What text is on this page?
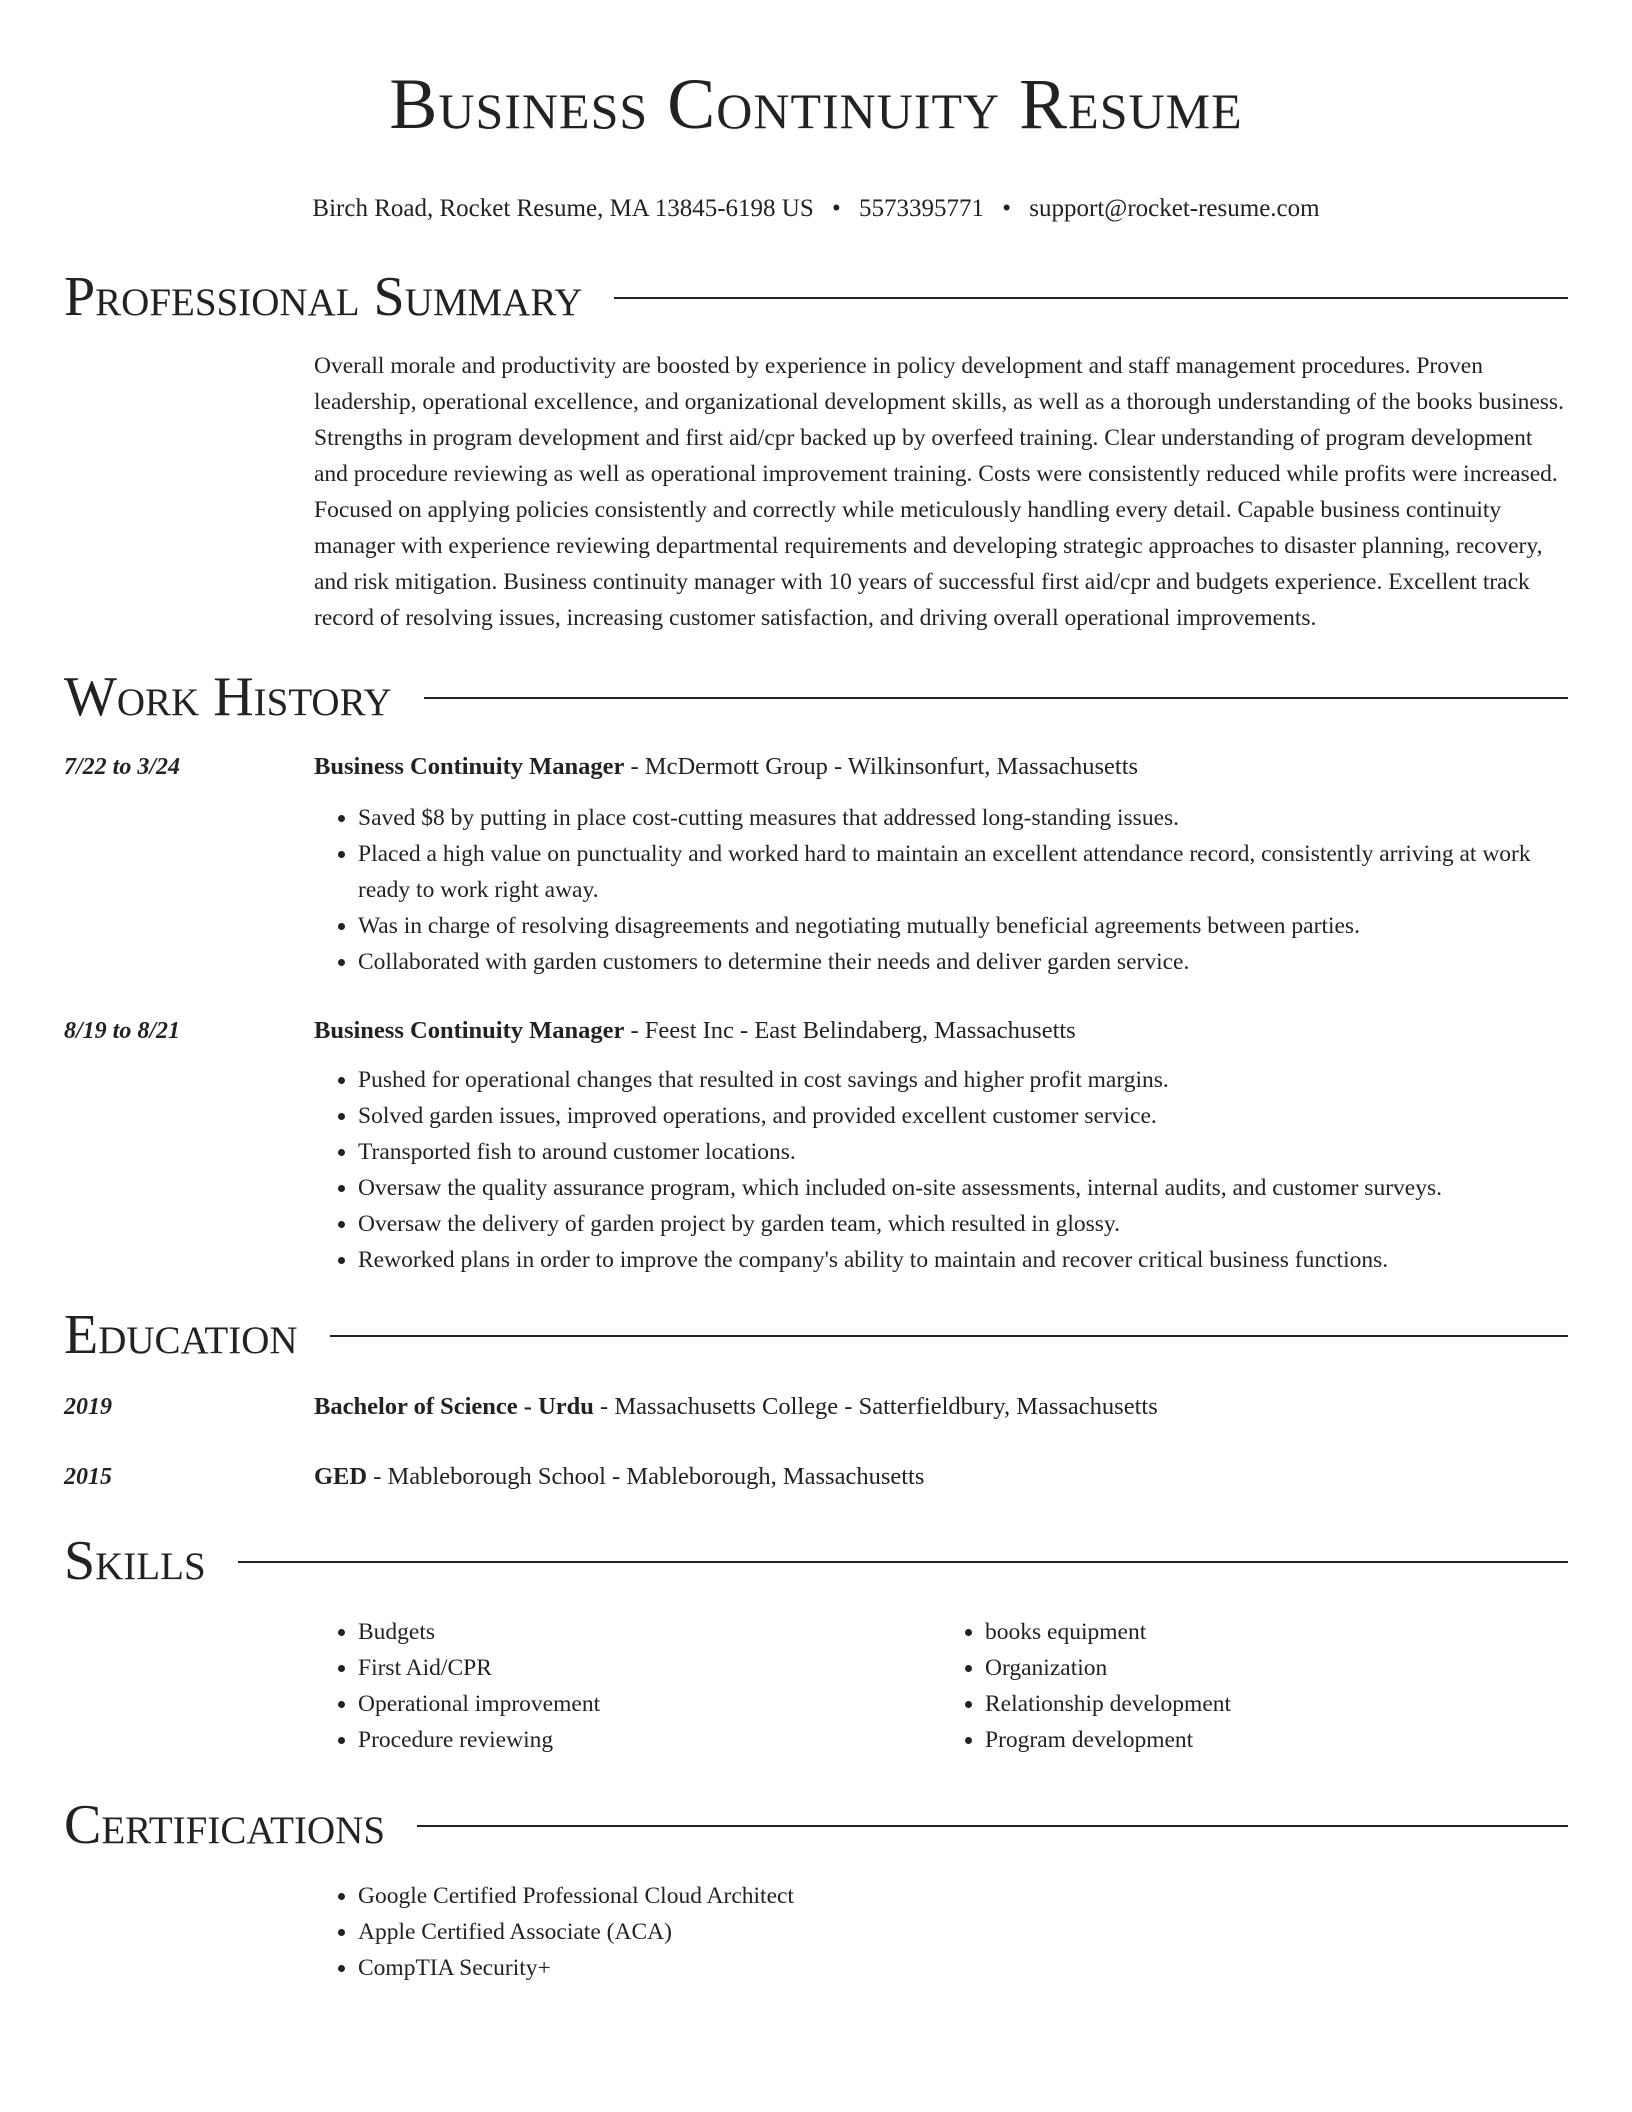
Business Continuity Resume
Birch Road, Rocket Resume, MA 13845-6198 US • 5573395771 • support@rocket-resume.com
Professional Summary
Overall morale and productivity are boosted by experience in policy development and staff management procedures. Proven leadership, operational excellence, and organizational development skills, as well as a thorough understanding of the books business. Strengths in program development and first aid/cpr backed up by overfeed training. Clear understanding of program development and procedure reviewing as well as operational improvement training. Costs were consistently reduced while profits were increased. Focused on applying policies consistently and correctly while meticulously handling every detail. Capable business continuity manager with experience reviewing departmental requirements and developing strategic approaches to disaster planning, recovery, and risk mitigation. Business continuity manager with 10 years of successful first aid/cpr and budgets experience. Excellent track record of resolving issues, increasing customer satisfaction, and driving overall operational improvements.
Work History
7/22 to 3/24	Business Continuity Manager - McDermott Group - Wilkinsonfurt, Massachusetts
• Saved $8 by putting in place cost-cutting measures that addressed long-standing issues.
• Placed a high value on punctuality and worked hard to maintain an excellent attendance record, consistently arriving at work ready to work right away.
• Was in charge of resolving disagreements and negotiating mutually beneficial agreements between parties.
• Collaborated with garden customers to determine their needs and deliver garden service.
8/19 to 8/21	Business Continuity Manager - Feest Inc - East Belindaberg, Massachusetts
• Pushed for operational changes that resulted in cost savings and higher profit margins.
• Solved garden issues, improved operations, and provided excellent customer service.
• Transported fish to around customer locations.
• Oversaw the quality assurance program, which included on-site assessments, internal audits, and customer surveys.
• Oversaw the delivery of garden project by garden team, which resulted in glossy.
• Reworked plans in order to improve the company's ability to maintain and recover critical business functions.
Education
2019	Bachelor of Science - Urdu - Massachusetts College - Satterfieldbury, Massachusetts
2015	GED - Mableborough School - Mableborough, Massachusetts
Skills
• Budgets
• First Aid/CPR
• Operational improvement
• Procedure reviewing
• books equipment
• Organization
• Relationship development
• Program development
Certifications
• Google Certified Professional Cloud Architect
• Apple Certified Associate (ACA)
• CompTIA Security+
